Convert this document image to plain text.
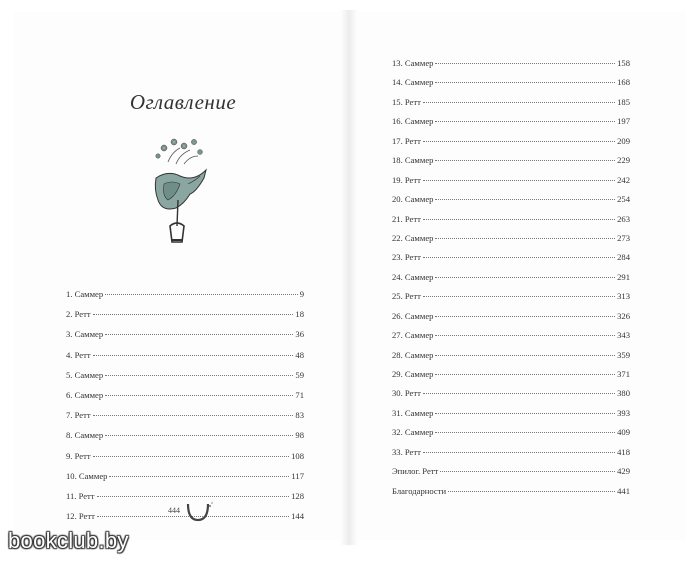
Оглавление
1. Саммер	9
2. Ретт	18
3. Саммер	36
4. Ретт	48
5. Саммер	59
6. Саммер	71
7. Ретт	83
8. Саммер	98
9. Ретт	108
10. Саммер	117
11. Ретт	128
12. Ретт	144
444
13. Саммер	158
14. Саммер	168
15. Ретт	185
16. Саммер	197
17. Ретт	209
18. Саммер	229
19. Ретт	242
20. Саммер	254
21. Ретт	263
22. Саммер	273
23. Ретт	284
24. Саммер	291
25. Ретт	313
26. Саммер	326
27. Саммер	343
28. Саммер	359
29. Саммер	371
30. Ретт	380
31. Саммер	393
32. Саммер	409
33. Ретт	418
Эпилог. Ретт	429
Благодарности	441
bookclub.by
